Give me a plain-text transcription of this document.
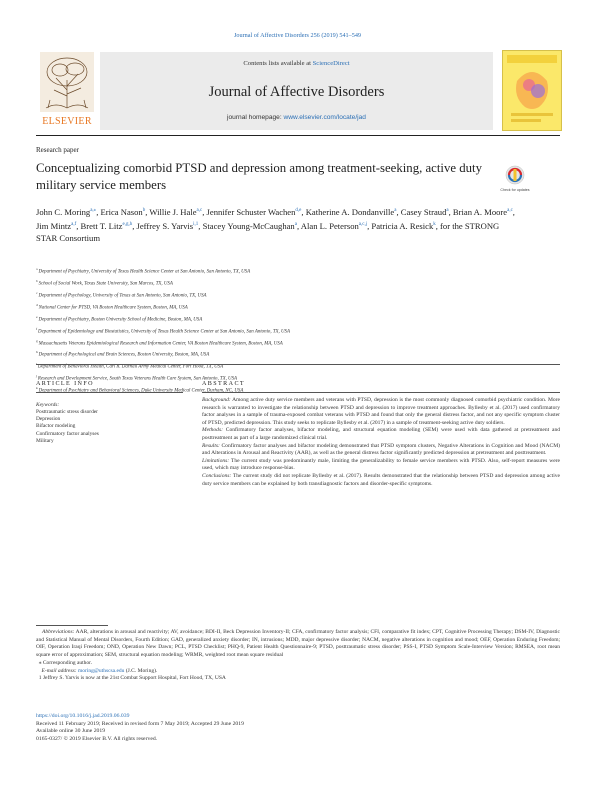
Journal of Affective Disorders 256 (2019) 541–549
Contents lists available at ScienceDirect
Journal of Affective Disorders
journal homepage: www.elsevier.com/locate/jad
ELSEVIER
Research paper
Conceptualizing comorbid PTSD and depression among treatment-seeking, active duty military service members	Check for updates
John C. Moring$^{a,⁎}$, Erica Nason$^b$, Willie J. Hale$^{a,c}$, Jennifer Schuster Wachen$^{d,e}$, Katherine A. Dondanville$^a$, Casey Straud$^a$, Brian A. Moore$^{a,c}$, Jim Mintz$^{a,f}$, Brett T. Litz$^{e,g,h}$, Jeffrey S. Yarvis$^{i,1}$, Stacey Young-McCaughan$^a$, Alan L. Peterson$^{a,c,j}$, Patricia A. Resick$^k$, for the STRONG STAR Consortium
$^a$ Department of Psychiatry, University of Texas Health Science Center at San Antonio, San Antonio, TX, USA
$^b$ School of Social Work, Texas State University, San Marcos, TX, USA
$^c$ Department of Psychology, University of Texas at San Antonio, San Antonio, TX, USA
$^d$ National Center for PTSD, VA Boston Healthcare System, Boston, MA, USA
$^e$ Department of Psychiatry, Boston University School of Medicine, Boston, MA, USA
$^f$ Department of Epidemiology and Biostatistics, University of Texas Health Science Center at San Antonio, San Antonio, TX, USA
$^g$ Massachusetts Veterans Epidemiological Research and Information Center, VA Boston Healthcare System, Boston, MA, USA
$^h$ Department of Psychological and Brain Sciences, Boston University, Boston, MA, USA
$^i$ Department of Behavioral Health, Carl R. Darnall Army Medical Center, Fort Hood, TX, USA
$^j$ Research and Development Service, South Texas Veterans Health Care System, San Antonio, TX, USA
$^k$ Department of Psychiatry and Behavioral Sciences, Duke University Medical Center, Durham, NC, USA
ARTICLE INFO	ABSTRACT
Keywords:
Posttraumatic stress disorder
Depression
Bifactor modeling
Confirmatory factor analyses
Military

Background: Among active duty service members and veterans with PTSD, depression is the most commonly diagnosed comorbid psychiatric condition. More research is warranted to investigate the relationship between PTSD and depression to improve treatment approaches. Byllesby et al. (2017) used confirmatory factor analyses in a sample of trauma-exposed combat veterans with PTSD and found that only the general distress factor, and not any specific symptom cluster of PTSD, predicted depression. This study seeks to replicate Byllesby et al. (2017) in a sample of treatment-seeking active duty soldiers.

Methods: Confirmatory factor analyses, bifactor modeling, and structural equation modeling (SEM) were used with data gathered at pretreatment and posttreatment as part of a large randomized clinical trial.

Results: Confirmatory factor analyses and bifactor modeling demonstrated that PTSD symptom clusters, Negative Alterations in Cognition and Mood (NACM) and Alterations in Arousal and Reactivity (AAR), as well as the general distress factor significantly predicted depression at pretreatment and posttreatment.

Limitations: The current study was predominantly male, limiting the generalizability to female service members with PTSD. Also, self-report measures were used, which may introduce response-bias.

Conclusions: The current study did not replicate Byllesby et al. (2017). Results demonstrated that the relationship between PTSD and depression among active duty service members can be explained by both transdiagnostic factors and disorder-specific symptoms.

Abbreviations: AAR, alterations in arousal and reactivity; AV, avoidance; BDI-II, Beck Depression Inventory-II; CFA, confirmatory factor analysis; CFI, comparative fit index; CPT, Cognitive Processing Therapy; DSM-IV, Diagnostic and Statistical Manual of Mental Disorders, Fourth Edition; GAD, generalized anxiety disorder; IN, intrusions; MDD, major depressive disorder; NACM, negative alterations in cognition and mood; OEF, Operation Enduring Freedom; OIF, Operation Iraqi Freedom; OND, Operation New Dawn; PCL, PTSD Checklist; PHQ-9, Patient Health Questionnaire-9; PTSD, posttraumatic stress disorder; PSS-I, PTSD Symptom Scale-Interview Version; RMSEA, root mean square error of approximation; SEM, structural equation modeling; WRMR, weighted root mean square residual

⁎ Corresponding author.

E-mail address: moring@uthscsa.edu (J.C. Moring).

1 Jeffrey S. Yarvis is now at the 21st Combat Support Hospital, Fort Hood, TX, USA

https://doi.org/10.1016/j.jad.2019.06.039
Received 11 February 2019; Received in revised form 7 May 2019; Accepted 29 June 2019
Available online 30 June 2019
0165-0327/ © 2019 Elsevier B.V. All rights reserved.
